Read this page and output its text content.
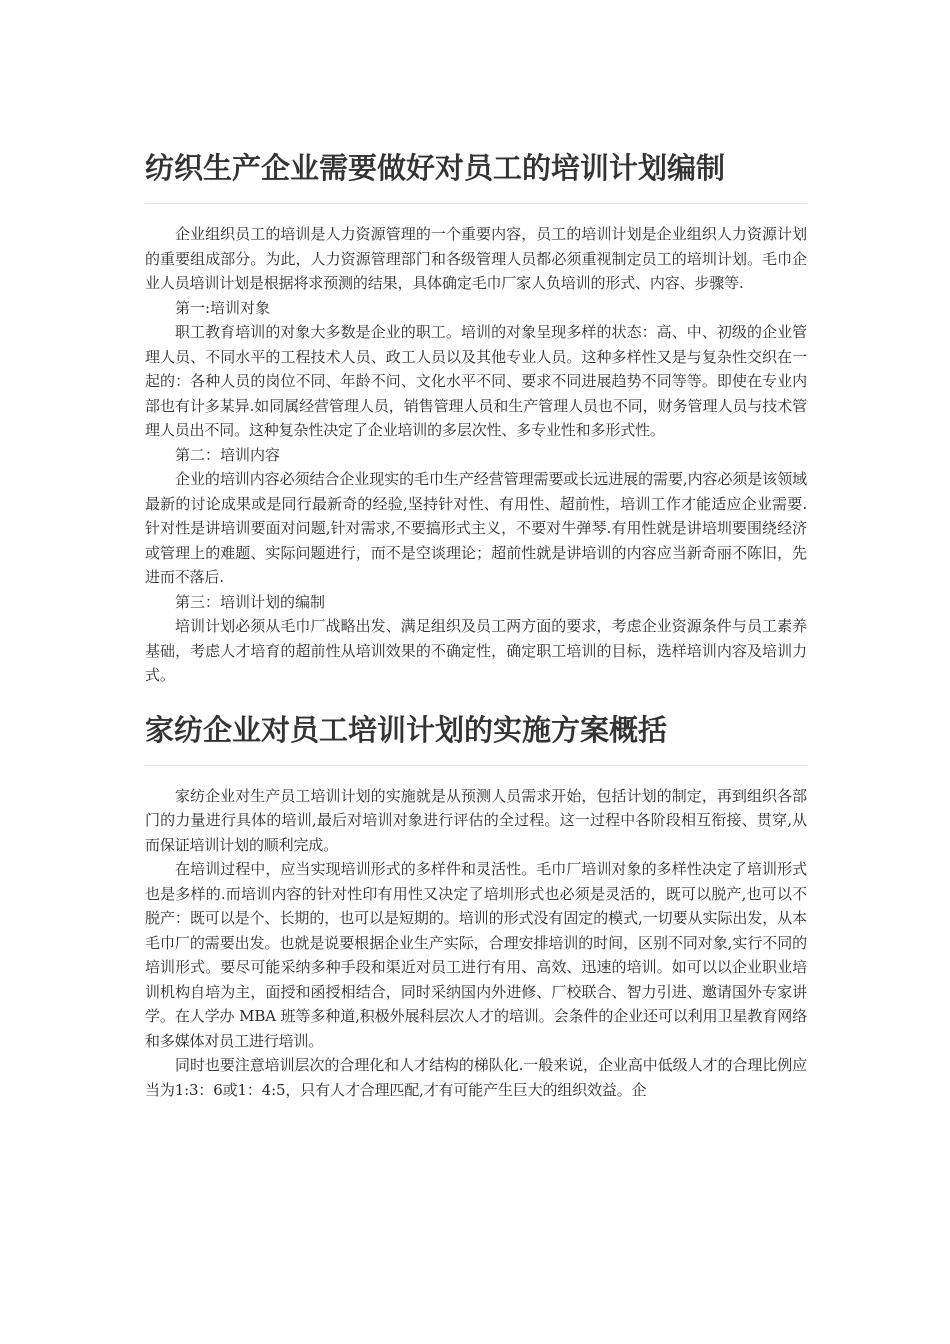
纺织生产企业需要做好对员工的培训计划编制

企业组织员工的培训是人力资源管理的一个重要内容，员工的培训计划是企业组织人力资源计划的重要组成部分。为此，人力资源管理部门和各级管理人员都必须重视制定员工的培圳计划。毛巾企业人员培训计划是根据将求预测的结果，具体确定毛巾厂家人负培训的形式、内容、步骤等.

第一:培训对象

职工教育培训的对象大多数是企业的职工。培训的对象呈现多样的状态：高、中、初级的企业管理人员、不同水平的工程技术人员、政工人员以及其他专业人员。这种多样性又是与复杂性交织在一起的：各种人员的岗位不同、年龄不问、文化水平不同、要求不同进展趋势不同等等。即使在专业内部也有计多某异.如同属经营管理人员，销售管理人员和生产管理人员也不同，财务管理人员与技术管理人员出不同。这种复杂性决定了企业培训的多层次性、多专业性和多形式性。

第二：培训内容

企业的培训内容必须结合企业现实的毛巾生产经营管理需要或长远进展的需要,内容必须是该领域最新的讨论成果或是同行最新奇的经验,坚持针对性、有用性、超前性，培训工作才能适应企业需要.针对性是讲培训要面对问题,针对需求,不要搞形式主义，不要对牛弹琴.有用性就是讲培圳要围绕经济或管理上的难题、实际问题进行，而不是空谈理论；超前性就是讲培训的内容应当新奇丽不陈旧，先进而不落后.

第三：培训计划的编制

培训计划必须从毛巾厂战略出发、满足组织及员工两方面的要求，考虑企业资源条件与员工素养基础，考虑人才培育的超前性从培训效果的不确定性，确定职工培训的目标，选样培训内容及培训力式。

家纺企业对员工培训计划的实施方案概括

家纺企业对生产员工培训计划的实施就是从预测人员需求开始，包括计划的制定，再到组织各部门的力量进行具体的培训,最后对培训对象进行评估的全过程。这一过程中各阶段相互衔接、贯穿,从而保证培训计划的顺利完成。

在培训过程中，应当实现培训形式的多样件和灵活性。毛巾厂培训对象的多样性决定了培训形式也是多样的.而培训内容的针对性印有用性又决定了培圳形式也必须是灵活的，既可以脱产,也可以不脱产：既可以是个、长期的，也可以是短期的。培训的形式没有固定的模式,一切要从实际出发，从本毛巾厂的需要出发。也就是说要根据企业生产实际，合理安排培训的时间，区别不同对象,实行不同的培训形式。要尽可能采纳多种手段和渠近对员工进行有用、高效、迅速的培训。如可以以企业职业培训机构自培为主，面授和函授相结合，同时采纳国内外进修、厂校联合、智力引进、邀请国外专家讲学。在人学办 MBA 班等多种道,积极外展科层次人才的培训。会条件的企业还可以利用卫星教育网络和多媒体对员工进行培训。

同时也要注意培训层次的合理化和人才结构的梯队化.一般来说，企业高中低级人才的合理比例应当为1:3：6或1：4:5，只有人才合理匹配,才有可能产生巨大的组织效益。企
